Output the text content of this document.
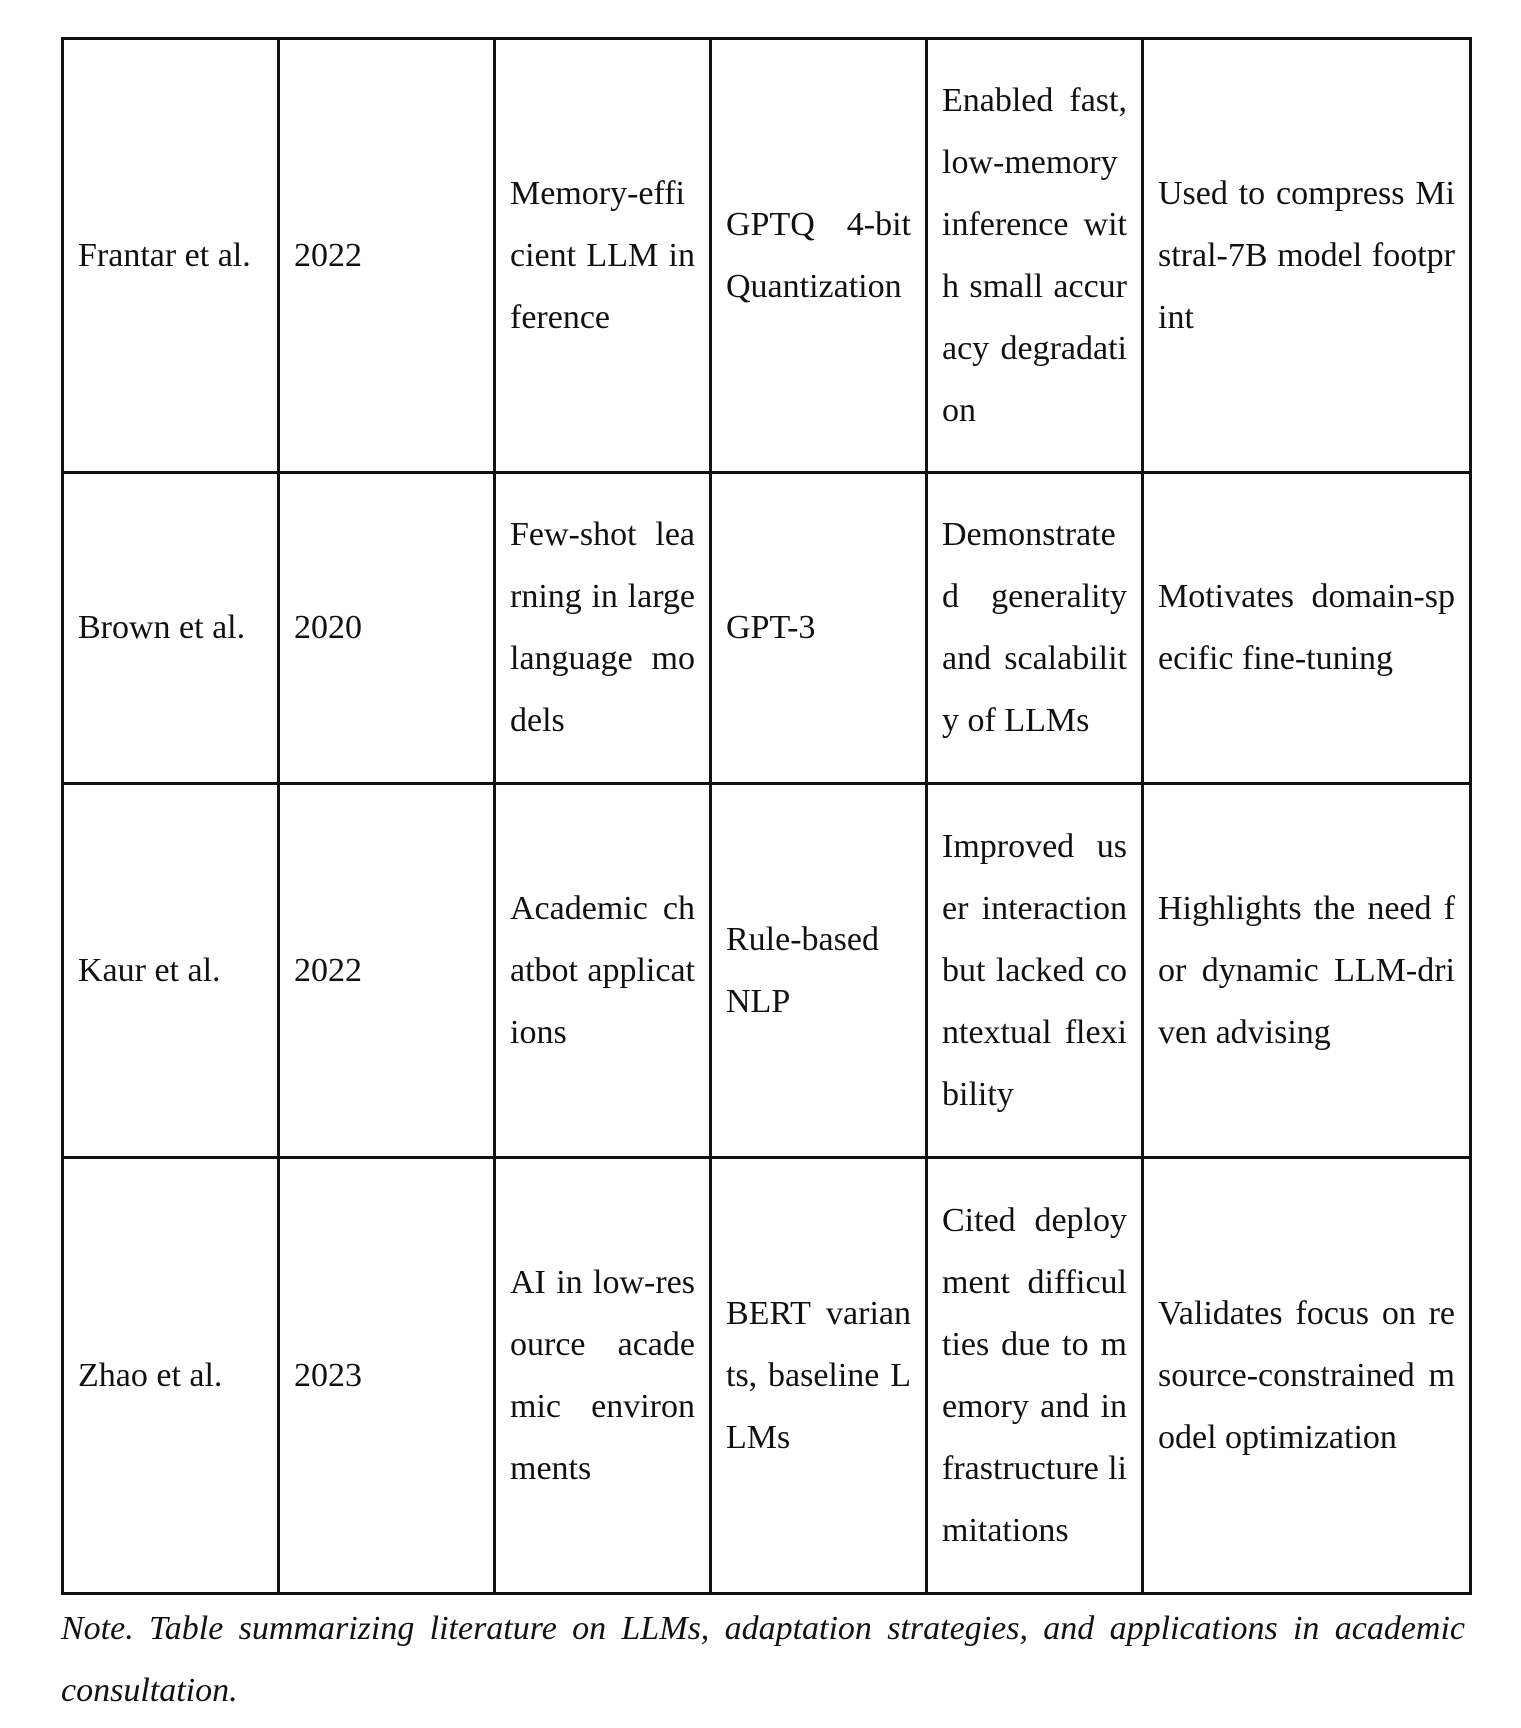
Frantar et al.	2022	Memory-efficient LLM inference	GPTQ 4-bit Quantization	Enabled fast, low-memory inference with small accuracy degradation	Used to compress Mistral-7B model footprint
Brown et al.	2020	Few-shot learning in large language models	GPT-3	Demonstrated generality and scalability of LLMs	Motivates domain-specific fine-tuning
Kaur et al.	2022	Academic chatbot applications	Rule-based NLP	Improved user interaction but lacked contextual flexibility	Highlights the need for dynamic LLM-driven advising
Zhao et al.	2023	AI in low-resource academic environments	BERT variants, baseline LLMs	Cited deployment difficulties due to memory and infrastructure limitations	Validates focus on resource-constrained model optimization

Note. Table summarizing literature on LLMs, adaptation strategies, and applications in academic consultation.
